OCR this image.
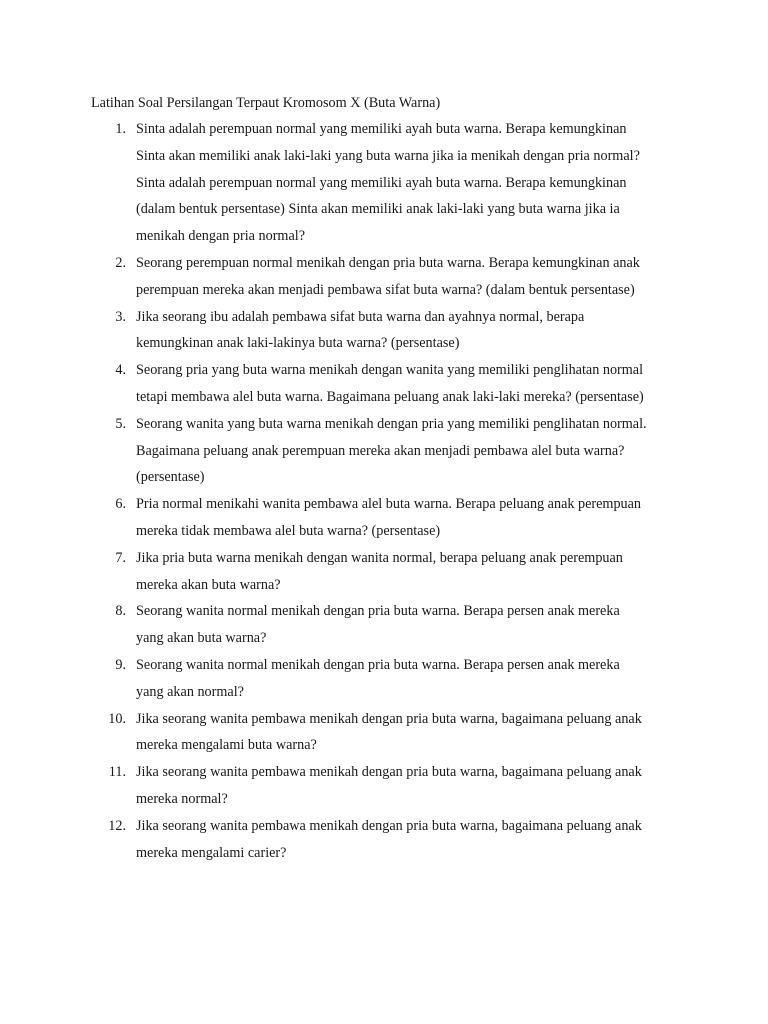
Latihan Soal Persilangan Terpaut Kromosom X (Buta Warna)

1. Sinta adalah perempuan normal yang memiliki ayah buta warna. Berapa kemungkinan
Sinta akan memiliki anak laki-laki yang buta warna jika ia menikah dengan pria normal?
Sinta adalah perempuan normal yang memiliki ayah buta warna. Berapa kemungkinan
(dalam bentuk persentase) Sinta akan memiliki anak laki-laki yang buta warna jika ia
menikah dengan pria normal?
2. Seorang perempuan normal menikah dengan pria buta warna. Berapa kemungkinan anak
perempuan mereka akan menjadi pembawa sifat buta warna? (dalam bentuk persentase)
3. Jika seorang ibu adalah pembawa sifat buta warna dan ayahnya normal, berapa
kemungkinan anak laki-lakinya buta warna? (persentase)
4. Seorang pria yang buta warna menikah dengan wanita yang memiliki penglihatan normal
tetapi membawa alel buta warna. Bagaimana peluang anak laki-laki mereka? (persentase)
5. Seorang wanita yang buta warna menikah dengan pria yang memiliki penglihatan normal.
Bagaimana peluang anak perempuan mereka akan menjadi pembawa alel buta warna?
(persentase)
6. Pria normal menikahi wanita pembawa alel buta warna. Berapa peluang anak perempuan
mereka tidak membawa alel buta warna? (persentase)
7. Jika pria buta warna menikah dengan wanita normal, berapa peluang anak perempuan
mereka akan buta warna?
8. Seorang wanita normal menikah dengan pria buta warna. Berapa persen anak mereka
yang akan buta warna?
9. Seorang wanita normal menikah dengan pria buta warna. Berapa persen anak mereka
yang akan normal?
10. Jika seorang wanita pembawa menikah dengan pria buta warna, bagaimana peluang anak
mereka mengalami buta warna?
11. Jika seorang wanita pembawa menikah dengan pria buta warna, bagaimana peluang anak
mereka normal?
12. Jika seorang wanita pembawa menikah dengan pria buta warna, bagaimana peluang anak
mereka mengalami carier?
